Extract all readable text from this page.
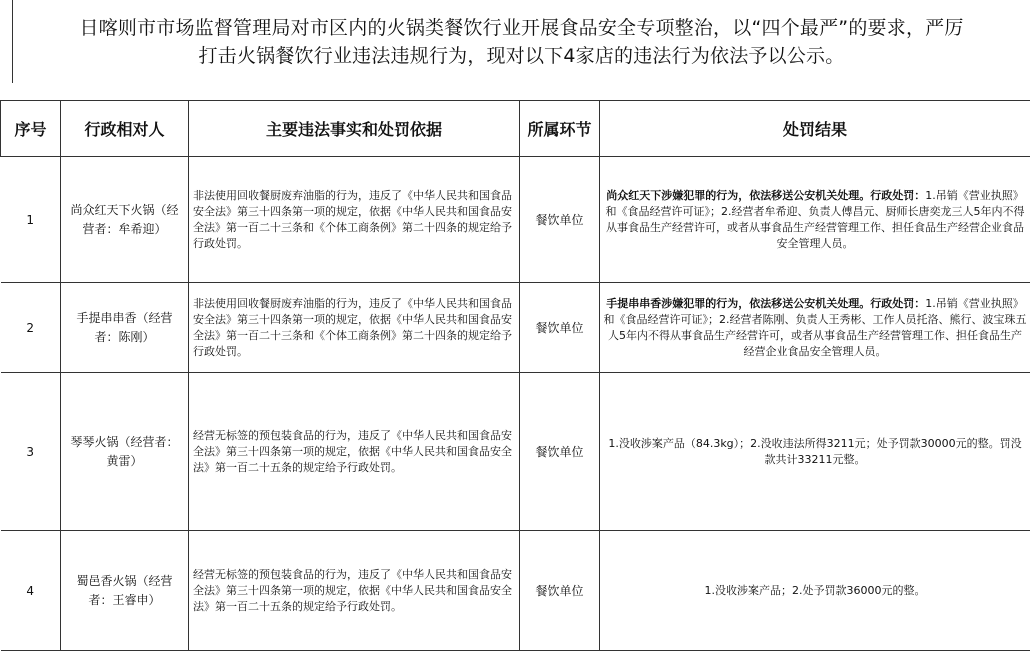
日喀则市市场监督管理局对市区内的火锅类餐饮行业开展食品安全专项整治，以“四个最严”的要求，严厉
打击火锅餐饮行业违法违规行为，现对以下4家店的违法行为依法予以公示。
序号	行政相对人	主要违法事实和处罚依据	所属环节	处罚结果
1	尚众红天下火锅（经营者：牟希迎）	非法使用回收餐厨废弃油脂的行为，违反了《中华人民共和国食品安全法》第三十四条第一项的规定，依据《中华人民共和国食品安全法》第一百二十三条和《个体工商条例》第二十四条的规定给予行政处罚。	餐饮单位	尚众红天下涉嫌犯罪的行为，依法移送公安机关处理。行政处罚：1.吊销《营业执照》和《食品经营许可证》；2.经营者牟希迎、负责人傅昌元、厨师长唐奕龙三人5年内不得从事食品生产经营许可，或者从事食品生产经营管理工作、担任食品生产经营企业食品安全管理人员。
2	手提串串香（经营者：陈刚）	非法使用回收餐厨废弃油脂的行为，违反了《中华人民共和国食品安全法》第三十四条第一项的规定，依据《中华人民共和国食品安全法》第一百二十三条和《个体工商条例》第二十四条的规定给予行政处罚。	餐饮单位	手提串串香涉嫌犯罪的行为，依法移送公安机关处理。行政处罚：1.吊销《营业执照》和《食品经营许可证》；2.经营者陈刚、负责人王秀彬、工作人员托洛、熊行、波宝珠五人5年内不得从事食品生产经营许可，或者从事食品生产经营管理工作、担任食品生产经营企业食品安全管理人员。
3	琴琴火锅（经营者：黄雷）	经营无标签的预包装食品的行为，违反了《中华人民共和国食品安全法》第三十四条第一项的规定，依据《中华人民共和国食品安全法》第一百二十五条的规定给予行政处罚。	餐饮单位	1.没收涉案产品（84.3kg）；2.没收违法所得3211元；处予罚款30000元的整。罚没款共计33211元整。
4	蜀邑香火锅（经营者：王睿申）	经营无标签的预包装食品的行为，违反了《中华人民共和国食品安全法》第三十四条第一项的规定，依据《中华人民共和国食品安全法》第一百二十五条的规定给予行政处罚。	餐饮单位	1.没收涉案产品；2.处予罚款36000元的整。
